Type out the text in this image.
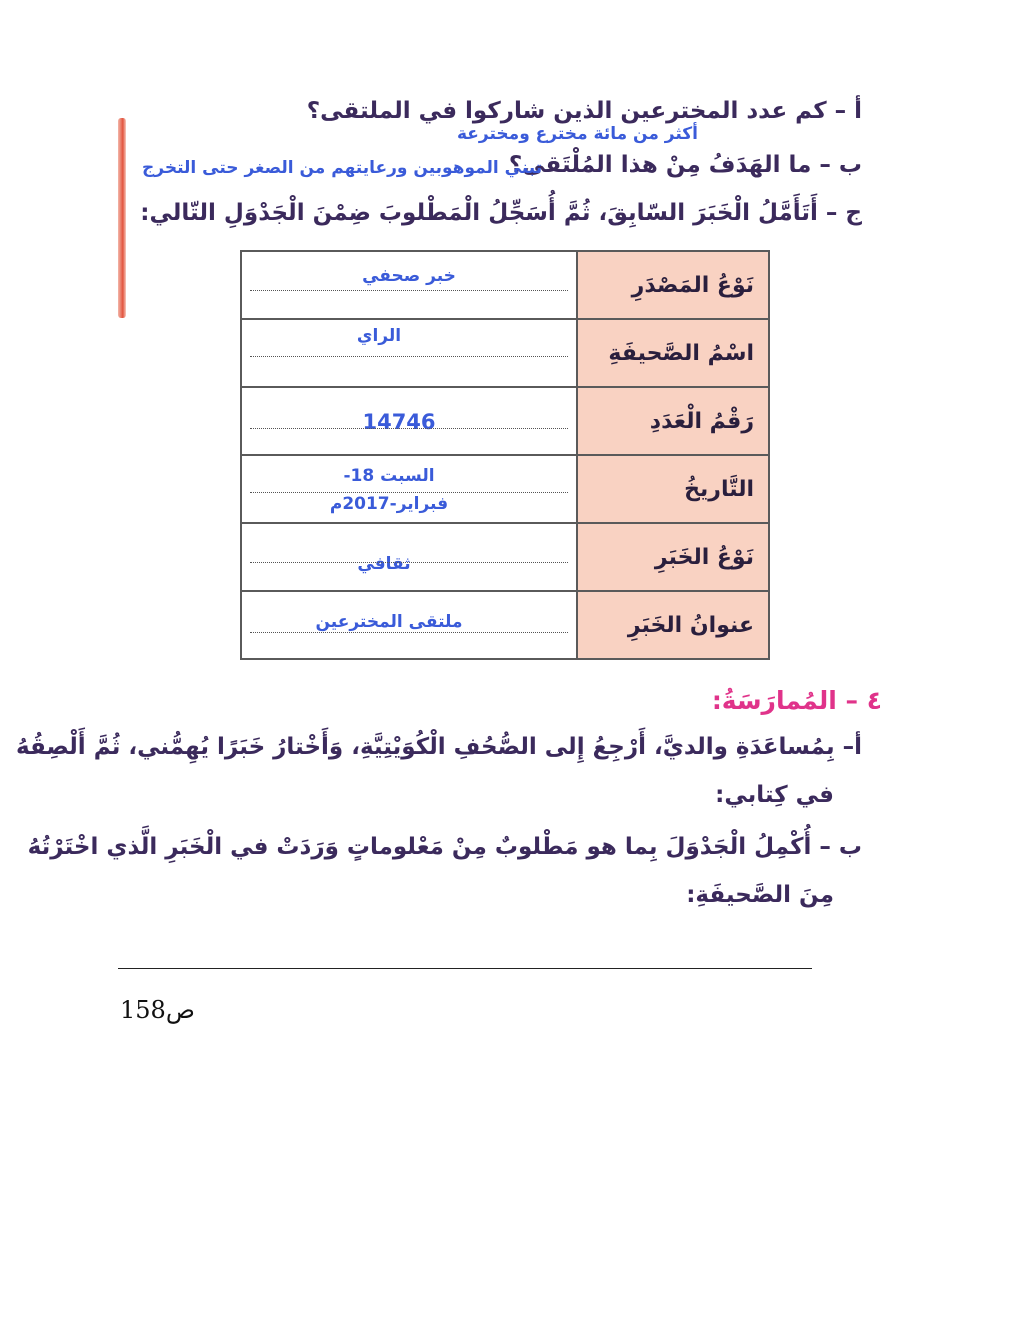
أ – كم عدد المخترعين الذين شاركوا في الملتقى؟
أكثر من مائة مخترع ومخترعة
ب – ما الهَدَفُ مِنْ هذا المُلْتَقى؟
تبني الموهوبين ورعايتهم من الصغر حتى التخرج
ج – أَتَأَمَّلُ الْخَبَرَ السّابِقَ، ثُمَّ أُسَجِّلُ الْمَطْلوبَ ضِمْنَ الْجَدْوَلِ التّالي:
خبر صحفي	نَوْعُ المَصْدَرِ

الراي	اسْمُ الصَّحيفَةِ

14746	رَقْمُ الْعَدَدِ

السبت 18-
فبراير-2017م	التَّاريخُ

ثقافي	نَوْعُ الخَبَرِ

ملتقى المخترعين	عنوانُ الخَبَرِ
٤ – المُمارَسَةُ:
أ– بِمُساعَدَةِ والديَّ، أَرْجِعُ إِلى الصُّحُفِ الْكُوَيْتِيَّةِ، وَأَخْتارُ خَبَرًا يُهِمُّني، ثُمَّ أَلْصِقُهُ
في كِتابي:
ب – أُكْمِلُ الْجَدْوَلَ بِما هو مَطْلوبٌ مِنْ مَعْلوماتٍ وَرَدَتْ في الْخَبَرِ الَّذي اخْتَرْتُهُ
مِنَ الصَّحيفَةِ:
158ص
